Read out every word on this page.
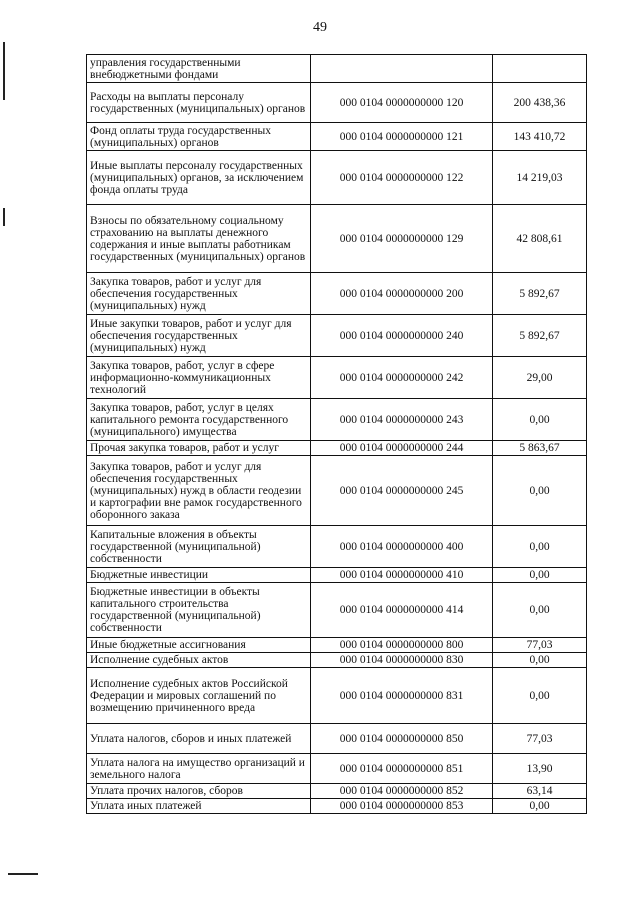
49
управления государственными внебюджетными фондами		
Расходы на выплаты персоналу государственных (муниципальных) органов	000 0104 0000000000 120	200 438,36
Фонд оплаты труда государственных (муниципальных) органов	000 0104 0000000000 121	143 410,72
Иные выплаты персоналу государственных (муниципальных) органов, за исключением фонда оплаты труда	000 0104 0000000000 122	14 219,03
Взносы по обязательному социальному страхованию на выплаты денежного содержания и иные выплаты работникам государственных (муниципальных) органов	000 0104 0000000000 129	42 808,61
Закупка товаров, работ и услуг для обеспечения государственных (муниципальных) нужд	000 0104 0000000000 200	5 892,67
Иные закупки товаров, работ и услуг для обеспечения государственных (муниципальных) нужд	000 0104 0000000000 240	5 892,67
Закупка товаров, работ, услуг в сфере информационно-коммуникационных технологий	000 0104 0000000000 242	29,00
Закупка товаров, работ, услуг в целях капитального ремонта государственного (муниципального) имущества	000 0104 0000000000 243	0,00
Прочая закупка товаров, работ и услуг	000 0104 0000000000 244	5 863,67
Закупка товаров, работ и услуг для обеспечения государственных (муниципальных) нужд в области геодезии и картографии вне рамок государственного оборонного заказа	000 0104 0000000000 245	0,00
Капитальные вложения в объекты государственной (муниципальной) собственности	000 0104 0000000000 400	0,00
Бюджетные инвестиции	000 0104 0000000000 410	0,00
Бюджетные инвестиции в объекты капитального строительства государственной (муниципальной) собственности	000 0104 0000000000 414	0,00
Иные бюджетные ассигнования	000 0104 0000000000 800	77,03
Исполнение судебных актов	000 0104 0000000000 830	0,00
Исполнение судебных актов Российской Федерации и мировых соглашений по возмещению причиненного вреда	000 0104 0000000000 831	0,00
Уплата налогов, сборов и иных платежей	000 0104 0000000000 850	77,03
Уплата налога на имущество организаций и земельного налога	000 0104 0000000000 851	13,90
Уплата прочих налогов, сборов	000 0104 0000000000 852	63,14
Уплата иных платежей	000 0104 0000000000 853	0,00
